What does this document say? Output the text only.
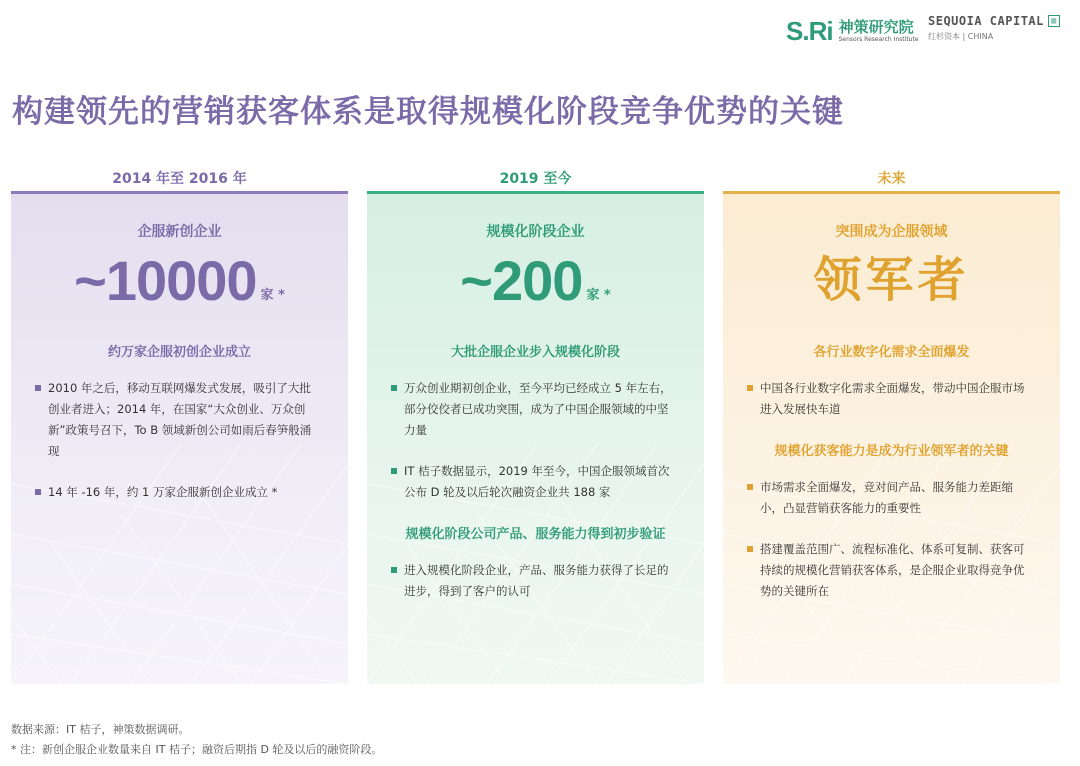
S.Ri 神策研究院
Sensors Research Institute
SEQUOIA CAPITAL ▥
红杉资本 | CHINA
构建领先的营销获客体系是取得规模化阶段竞争优势的关键
2014 年至 2016 年
企服新创企业
~10000 家 *
约万家企服初创企业成立
2010 年之后，移动互联网爆发式发展，吸引了大批创业者进入；2014 年，在国家“大众创业、万众创新”政策号召下，To B 领域新创公司如雨后春笋般涌现
14 年 -16 年，约 1 万家企服新创企业成立 *
2019 至今
规模化阶段企业
~200 家 *
大批企服企业步入规模化阶段
万众创业期初创企业，至今平均已经成立 5 年左右，部分佼佼者已成功突围，成为了中国企服领域的中坚力量
IT 桔子数据显示，2019 年至今，中国企服领域首次公布 D 轮及以后轮次融资企业共 188 家
规模化阶段公司产品、服务能力得到初步验证
进入规模化阶段企业，产品、服务能力获得了长足的进步，得到了客户的认可
未来
突围成为企服领域
领军者
各行业数字化需求全面爆发
中国各行业数字化需求全面爆发，带动中国企服市场进入发展快车道
规模化获客能力是成为行业领军者的关键
市场需求全面爆发，竞对间产品、服务能力差距缩小，凸显营销获客能力的重要性
搭建覆盖范围广、流程标准化、体系可复制、获客可持续的规模化营销获客体系，是企服企业取得竞争优势的关键所在
数据来源：IT 桔子，神策数据调研。
* 注：新创企服企业数量来自 IT 桔子；融资后期指 D 轮及以后的融资阶段。
